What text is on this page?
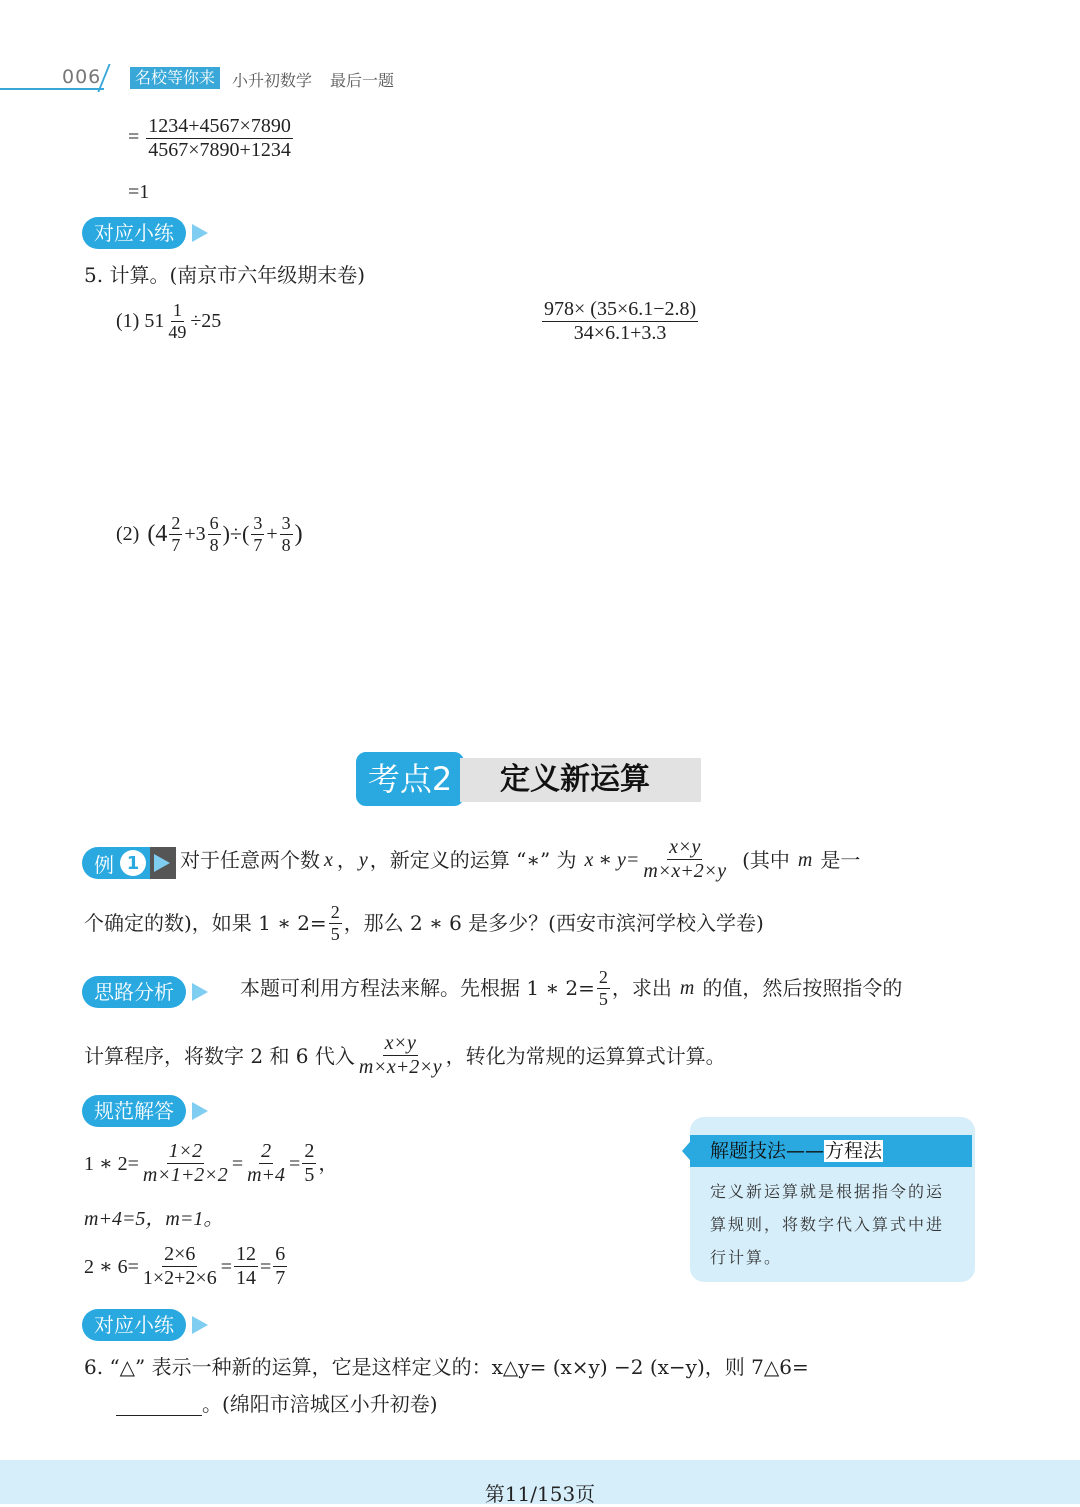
006	名校等你来	小升初数学 最后一题
= $\frac{1234+4567\times 7890}{4567\times 7890+1234}$
=1
对应小练
5. 计算。(南京市六年级期末卷)
(1) $51 \frac{1}{49} \div 25$	$\frac{978\times (35\times 6.1-2.8)}{34\times 6.1+3.3}$
(2) ($4 \frac{2}{7} +3 \frac{6}{8}$ )÷( $\frac{3}{7} + \frac{3}{8}$ )
考点2	定义新运算
例 1	对于任意两个数 x ， y ，新定义的运算 “∗” 为 x ∗ $y= \frac{x\times y}{m\times x+2\times y}$ (其中 m 是一
个确定的数)，如果 1 ∗ $2= \frac{2}{5}$ ，那么 2 ∗ 6 是多少？(西安市滨河学校入学卷)
思路分析	本题可利用方程法来解。先根据 1 ∗ $2= \frac{2}{5}$ ，求出 m 的值，然后按照指令的
计算程序，将数字 2 和 6 代入 $\frac{x\times y}{m\times x+2\times y}$ ，转化为常规的运算算式计算。
规范解答
1 ∗ $2= \frac{1\times 2}{m\times 1+2\times 2} = \frac{2}{m+4} = \frac{2}{5}$ ，
m+4=5，m=1。
2 ∗ $6= \frac{2\times 6}{1\times 2+2\times 6} = \frac{12}{14} = \frac{6}{7}$
解题技法——方程法
定义新运算就是根据指令的运算规则，将数字代入算式中进行计算。
对应小练
6. “△” 表示一种新的运算，它是这样定义的：x△y= (x×y) −2 (x−y)，则 7△6=
。(绵阳市涪城区小升初卷)
第11/153页
